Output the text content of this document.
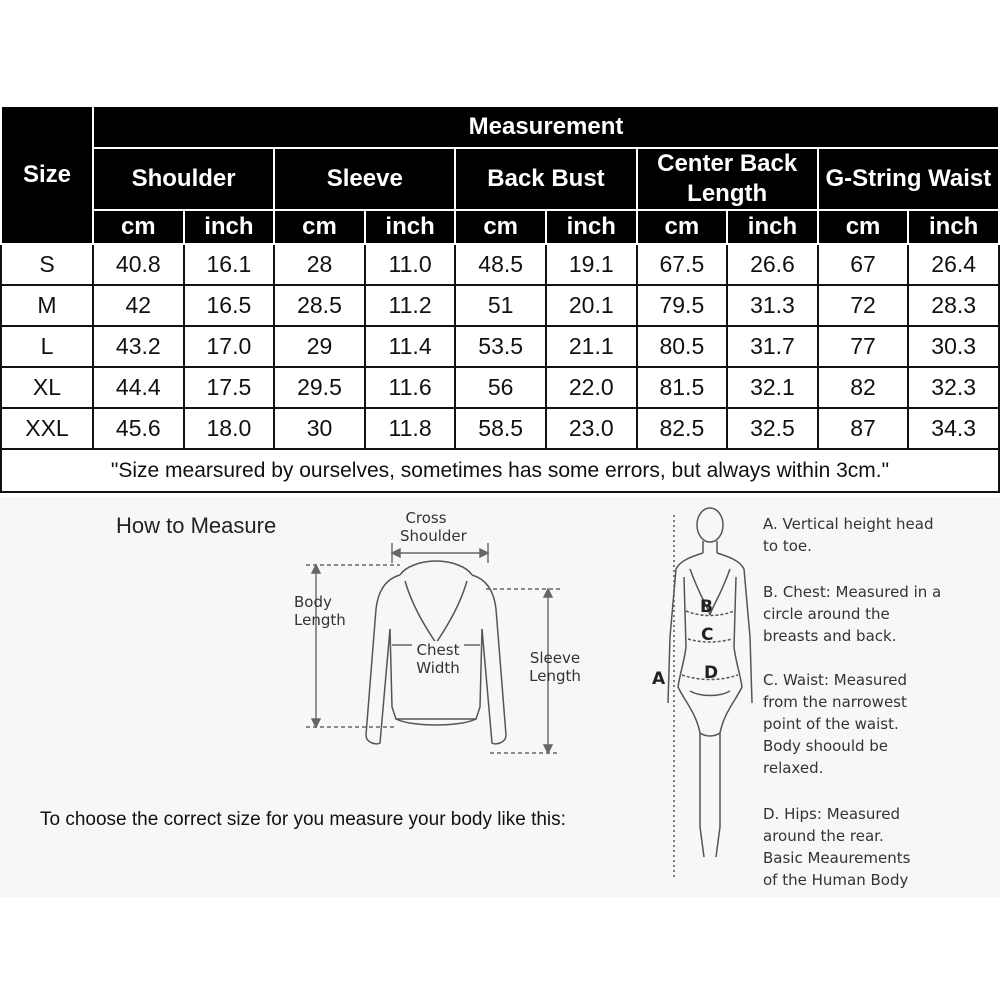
Size	Measurement									
	Shoulder		Sleeve		Back Bust		Center Back Length		G-String Waist	
	cm	inch	cm	inch	cm	inch	cm	inch	cm	inch
S	40.8	16.1	28	11.0	48.5	19.1	67.5	26.6	67	26.4
M	42	16.5	28.5	11.2	51	20.1	79.5	31.3	72	28.3
L	43.2	17.0	29	11.4	53.5	21.1	80.5	31.7	77	30.3
XL	44.4	17.5	29.5	11.6	56	22.0	81.5	32.1	82	32.3
XXL	45.6	18.0	30	11.8	58.5	23.0	82.5	32.5	87	34.3
"Size mearsured by ourselves, sometimes has some errors, but always within 3cm."										
How to Measure	Cross
Shoulder
Body
Length
Chest
Width
Sleeve
Length
B
C
D
A

A. Vertical height head
to toe.

B. Chest: Measured in a
circle around the
breasts and back.

C. Waist: Measured
from the narrowest
point of the waist.
Body shoould be
relaxed.

D. Hips: Measured
around the rear.
Basic Meaurements
of the Human Body

To choose the correct size for you measure your body like this:
